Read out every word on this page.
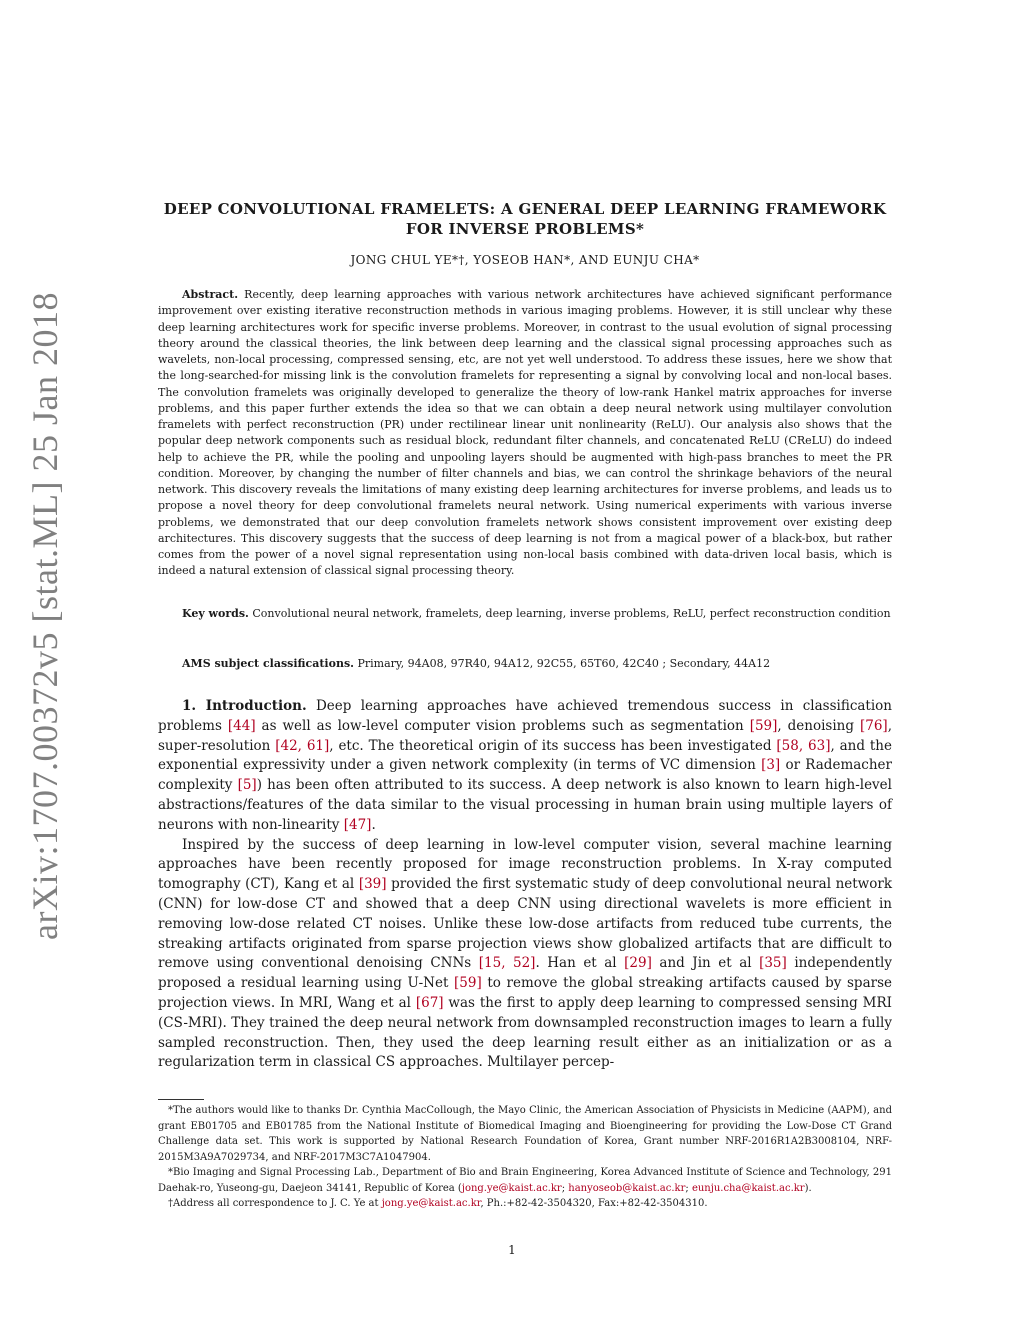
arXiv:1707.00372v5 [stat.ML] 25 Jan 2018
DEEP CONVOLUTIONAL FRAMELETS: A GENERAL DEEP LEARNING FRAMEWORK FOR INVERSE PROBLEMS*
JONG CHUL YE*†, YOSEOB HAN*, AND EUNJU CHA*
Abstract. Recently, deep learning approaches with various network architectures have achieved significant performance improvement over existing iterative reconstruction methods in various imaging problems. However, it is still unclear why these deep learning architectures work for specific inverse problems. Moreover, in contrast to the usual evolution of signal processing theory around the classical theories, the link between deep learning and the classical signal processing approaches such as wavelets, non-local processing, compressed sensing, etc, are not yet well understood. To address these issues, here we show that the long-searched-for missing link is the convolution framelets for representing a signal by convolving local and non-local bases. The convolution framelets was originally developed to generalize the theory of low-rank Hankel matrix approaches for inverse problems, and this paper further extends the idea so that we can obtain a deep neural network using multilayer convolution framelets with perfect reconstruction (PR) under rectilinear linear unit nonlinearity (ReLU). Our analysis also shows that the popular deep network components such as residual block, redundant filter channels, and concatenated ReLU (CReLU) do indeed help to achieve the PR, while the pooling and unpooling layers should be augmented with high-pass branches to meet the PR condition. Moreover, by changing the number of filter channels and bias, we can control the shrinkage behaviors of the neural network. This discovery reveals the limitations of many existing deep learning architectures for inverse problems, and leads us to propose a novel theory for deep convolutional framelets neural network. Using numerical experiments with various inverse problems, we demonstrated that our deep convolution framelets network shows consistent improvement over existing deep architectures. This discovery suggests that the success of deep learning is not from a magical power of a black-box, but rather comes from the power of a novel signal representation using non-local basis combined with data-driven local basis, which is indeed a natural extension of classical signal processing theory.
Key words. Convolutional neural network, framelets, deep learning, inverse problems, ReLU, perfect reconstruction condition
AMS subject classifications. Primary, 94A08, 97R40, 94A12, 92C55, 65T60, 42C40 ; Secondary, 44A12

1. Introduction. Deep learning approaches have achieved tremendous success in classification problems [44] as well as low-level computer vision problems such as segmentation [59], denoising [76], super-resolution [42, 61], etc. The theoretical origin of its success has been investigated [58, 63], and the exponential expressivity under a given network complexity (in terms of VC dimension [3] or Rademacher complexity [5]) has been often attributed to its success. A deep network is also known to learn high-level abstractions/features of the data similar to the visual processing in human brain using multiple layers of neurons with non-linearity [47].

Inspired by the success of deep learning in low-level computer vision, several machine learning approaches have been recently proposed for image reconstruction problems. In X-ray computed tomography (CT), Kang et al [39] provided the first systematic study of deep convolutional neural network (CNN) for low-dose CT and showed that a deep CNN using directional wavelets is more efficient in removing low-dose related CT noises. Unlike these low-dose artifacts from reduced tube currents, the streaking artifacts originated from sparse projection views show globalized artifacts that are difficult to remove using conventional denoising CNNs [15, 52]. Han et al [29] and Jin et al [35] independently proposed a residual learning using U-Net [59] to remove the global streaking artifacts caused by sparse projection views. In MRI, Wang et al [67] was the first to apply deep learning to compressed sensing MRI (CS-MRI). They trained the deep neural network from downsampled reconstruction images to learn a fully sampled reconstruction. Then, they used the deep learning result either as an initialization or as a regularization term in classical CS approaches. Multilayer percep-

*The authors would like to thanks Dr. Cynthia MacCollough, the Mayo Clinic, the American Association of Physicists in Medicine (AAPM), and grant EB01705 and EB01785 from the National Institute of Biomedical Imaging and Bioengineering for providing the Low-Dose CT Grand Challenge data set. This work is supported by National Research Foundation of Korea, Grant number NRF-2016R1A2B3008104, NRF-2015M3A9A7029734, and NRF-2017M3C7A1047904.

*Bio Imaging and Signal Processing Lab., Department of Bio and Brain Engineering, Korea Advanced Institute of Science and Technology, 291 Daehak-ro, Yuseong-gu, Daejeon 34141, Republic of Korea (jong.ye@kaist.ac.kr; hanyoseob@kaist.ac.kr; eunju.cha@kaist.ac.kr).

†Address all correspondence to J. C. Ye at jong.ye@kaist.ac.kr, Ph.:+82-42-3504320, Fax:+82-42-3504310.

1
